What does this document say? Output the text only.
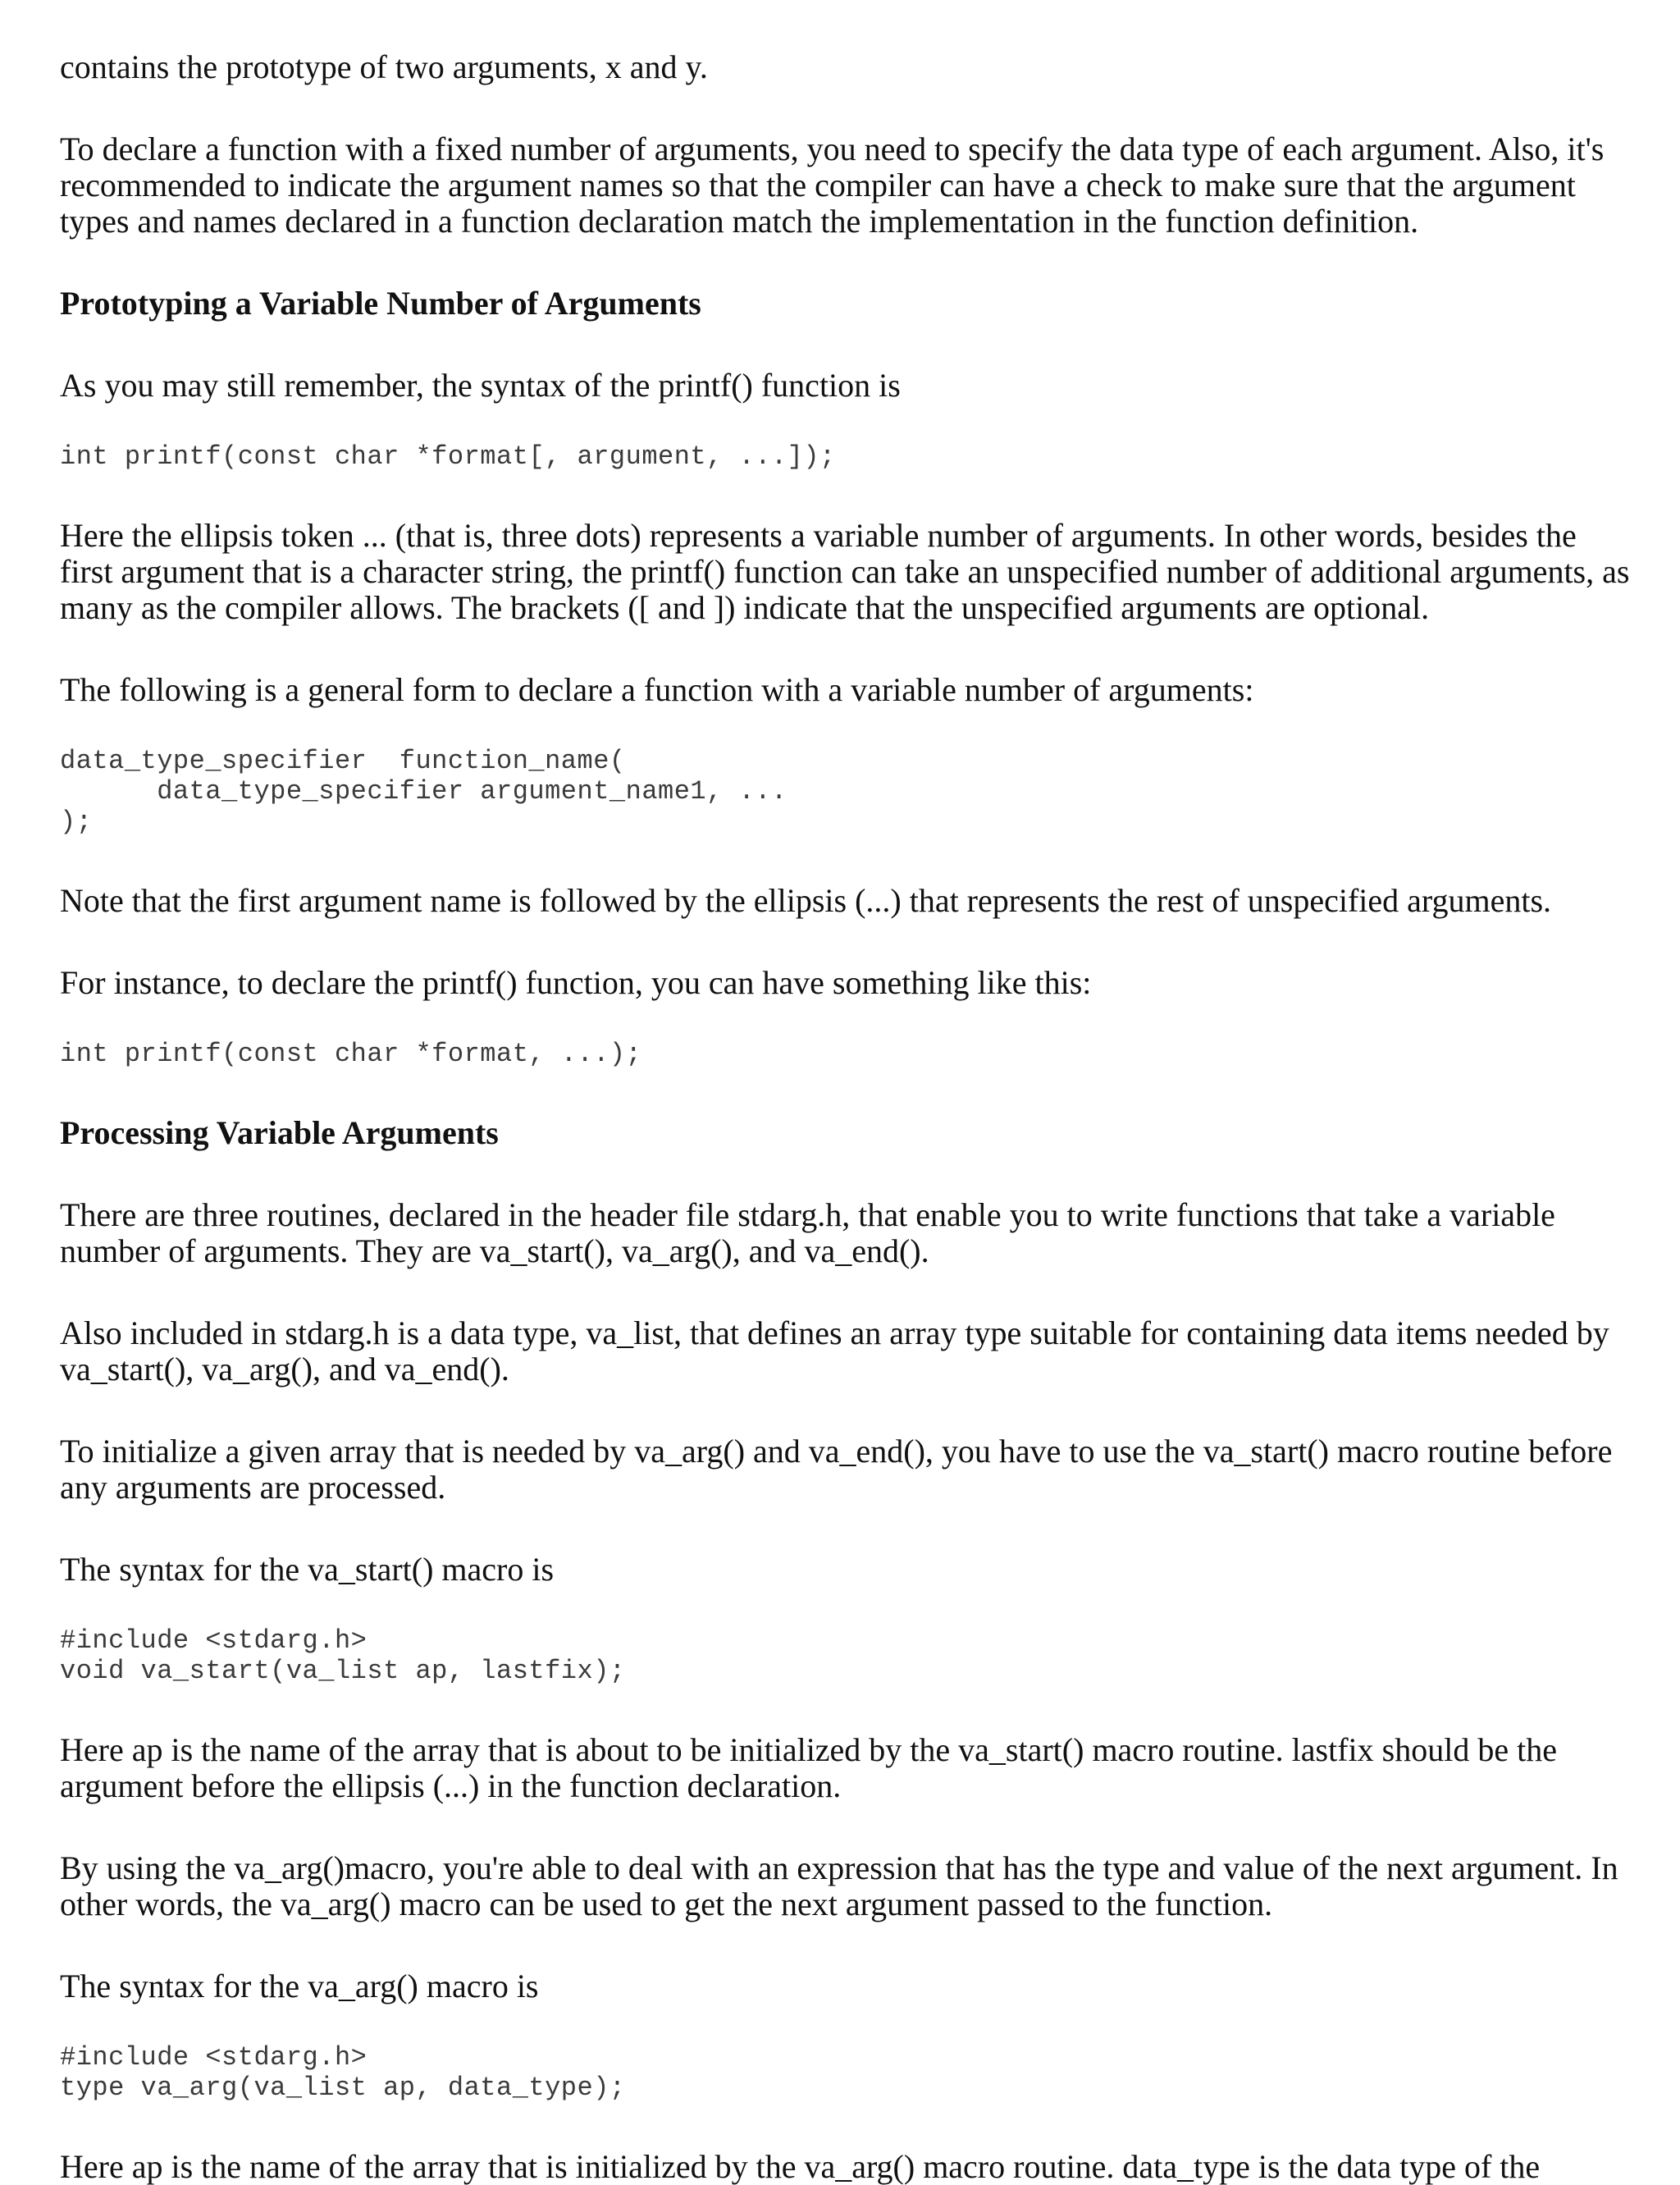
contains the prototype of two arguments, x and y.

To declare a function with a fixed number of arguments, you need to specify the data type of each argument. Also, it's recommended to indicate the argument names so that the compiler can have a check to make sure that the argument types and names declared in a function declaration match the implementation in the function definition.

Prototyping a Variable Number of Arguments

As you may still remember, the syntax of the printf() function is

int printf(const char *format[, argument, ...]);

Here the ellipsis token ... (that is, three dots) represents a variable number of arguments. In other words, besides the first argument that is a character string, the printf() function can take an unspecified number of additional arguments, as many as the compiler allows. The brackets ([ and ]) indicate that the unspecified arguments are optional.

The following is a general form to declare a function with a variable number of arguments:

data_type_specifier  function_name(
data_type_specifier argument_name1, ...
);

Note that the first argument name is followed by the ellipsis (...) that represents the rest of unspecified arguments.

For instance, to declare the printf() function, you can have something like this:

int printf(const char *format, ...);
Processing Variable Arguments

There are three routines, declared in the header file stdarg.h, that enable you to write functions that take a variable number of arguments. They are va_start(), va_arg(), and va_end().

Also included in stdarg.h is a data type, va_list, that defines an array type suitable for containing data items needed by va_start(), va_arg(), and va_end().

To initialize a given array that is needed by va_arg() and va_end(), you have to use the va_start() macro routine before any arguments are processed.

The syntax for the va_start() macro is

#include <stdarg.h>
void va_start(va_list ap, lastfix);

Here ap is the name of the array that is about to be initialized by the va_start() macro routine. lastfix should be the argument before the ellipsis (...) in the function declaration.

By using the va_arg()macro, you're able to deal with an expression that has the type and value of the next argument. In other words, the va_arg() macro can be used to get the next argument passed to the function.

The syntax for the va_arg() macro is

#include <stdarg.h>
type va_arg(va_list ap, data_type);

Here ap is the name of the array that is initialized by the va_arg() macro routine. data_type is the data type of the
